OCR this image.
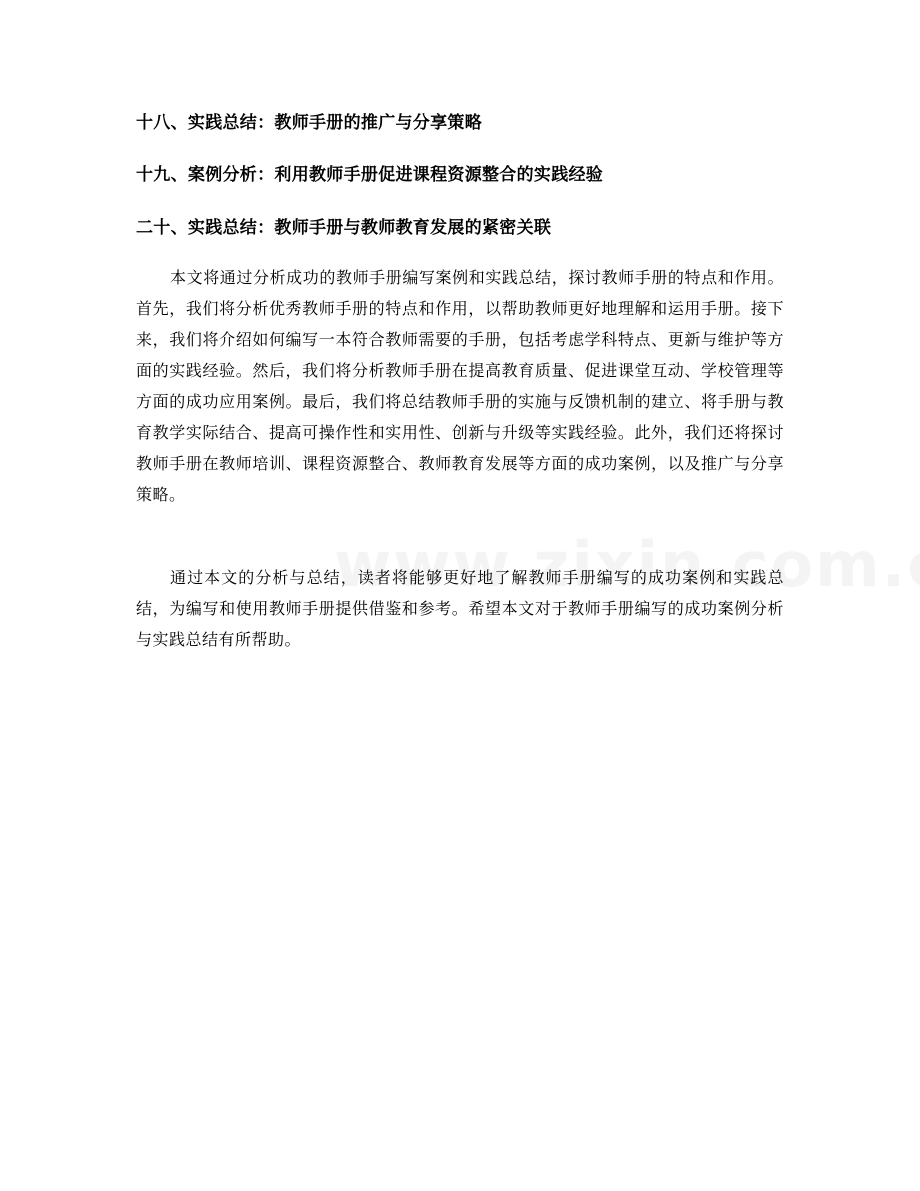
十八、实践总结：教师手册的推广与分享策略
十九、案例分析：利用教师手册促进课程资源整合的实践经验
二十、实践总结：教师手册与教师教育发展的紧密关联
本文将通过分析成功的教师手册编写案例和实践总结，探讨教师手册的特点和作用。首先，我们将分析优秀教师手册的特点和作用，以帮助教师更好地理解和运用手册。接下来，我们将介绍如何编写一本符合教师需要的手册，包括考虑学科特点、更新与维护等方面的实践经验。然后，我们将分析教师手册在提高教育质量、促进课堂互动、学校管理等方面的成功应用案例。最后，我们将总结教师手册的实施与反馈机制的建立、将手册与教育教学实际结合、提高可操作性和实用性、创新与升级等实践经验。此外，我们还将探讨教师手册在教师培训、课程资源整合、教师教育发展等方面的成功案例，以及推广与分享策略。
通过本文的分析与总结，读者将能够更好地了解教师手册编写的成功案例和实践总结，为编写和使用教师手册提供借鉴和参考。希望本文对于教师手册编写的成功案例分析与实践总结有所帮助。
